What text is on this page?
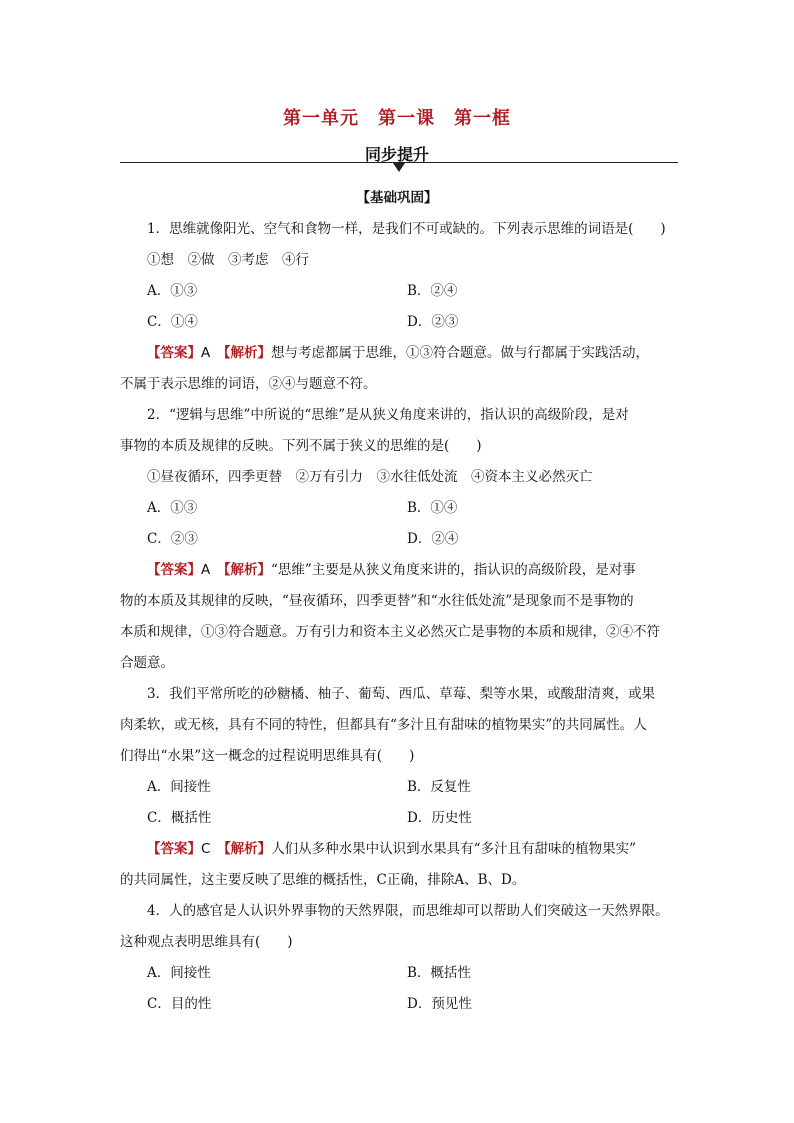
第一单元　第一课　第一框
同步提升
【基础巩固】
1．思维就像阳光、空气和食物一样，是我们不可或缺的。下列表示思维的词语是(　　)
①想　②做　③考虑　④行
A．①③	B．②④
C．①④	D．②③
【答案】A　 【解析】想与考虑都属于思维，①③符合题意。做与行都属于实践活动，
不属于表示思维的词语，②④与题意不符。
2．“逻辑与思维”中所说的“思维”是从狭义角度来讲的，指认识的高级阶段，是对
事物的本质及规律的反映。下列不属于狭义的思维的是(　　)
①昼夜循环，四季更替　②万有引力　③水往低处流　④资本主义必然灭亡
A．①③	B．①④
C．②③	D．②④
【答案】A　 【解析】“思维”主要是从狭义角度来讲的，指认识的高级阶段，是对事
物的本质及其规律的反映，“昼夜循环，四季更替”和“水往低处流”是现象而不是事物的
本质和规律，①③符合题意。万有引力和资本主义必然灭亡是事物的本质和规律，②④不符
合题意。
3．我们平常所吃的砂糖橘、柚子、葡萄、西瓜、草莓、梨等水果，或酸甜清爽，或果
肉柔软，或无核，具有不同的特性，但都具有“多汁且有甜味的植物果实”的共同属性。人
们得出“水果”这一概念的过程说明思维具有(　　)
A．间接性	B．反复性
C．概括性	D．历史性
【答案】C　 【解析】人们从多种水果中认识到水果具有“多汁且有甜味的植物果实”
的共同属性，这主要反映了思维的概括性，C正确，排除A、B、D。
4．人的感官是人认识外界事物的天然界限，而思维却可以帮助人们突破这一天然界限。
这种观点表明思维具有(　　)
A．间接性	B．概括性
C．目的性	D．预见性
